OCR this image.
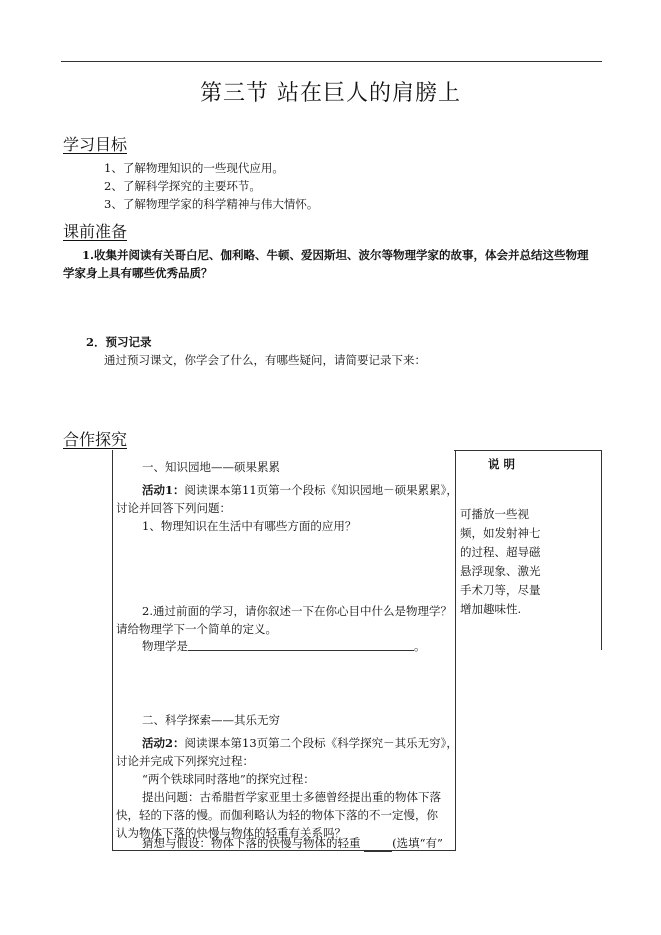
第三节 站在巨人的肩膀上
学习目标
1、了解物理知识的一些现代应用。
2、了解科学探究的主要环节。
3、了解物理学家的科学精神与伟大情怀。
课前准备
1.收集并阅读有关哥白尼、伽利略、牛顿、爱因斯坦、波尔等物理学家的故事，体会并总结这些物理
学家身上具有哪些优秀品质？
2．预习记录
通过预习课文，你学会了什么，有哪些疑问，请简要记录下来：
合作探究
说 明
可播放一些视频，如发射神七的过程、超导磁悬浮现象、激光手术刀等，尽量增加趣味性.
一、知识园地——硕果累累
活动1：阅读课本第11页第一个段标《知识园地－硕果累累》，
讨论并回答下列问题：
1、物理知识在生活中有哪些方面的应用？
2.通过前面的学习，请你叙述一下在你心目中什么是物理学？
请给物理学下一个简单的定义。
物理学是	。
二、科学探索——其乐无穷
活动2：阅读课本第13页第二个段标《科学探究－其乐无穷》，
讨论并完成下列探究过程：
“两个铁球同时落地”的探究过程：
提出问题：古希腊哲学家亚里士多德曾经提出重的物体下落
快，轻的下落的慢。而伽利略认为轻的物体下落的不一定慢，你
认为物体下落的快慢与物体的轻重有关系吗？
猜想与假设：物体下落的快慢与物体的轻重	(选填“有”
